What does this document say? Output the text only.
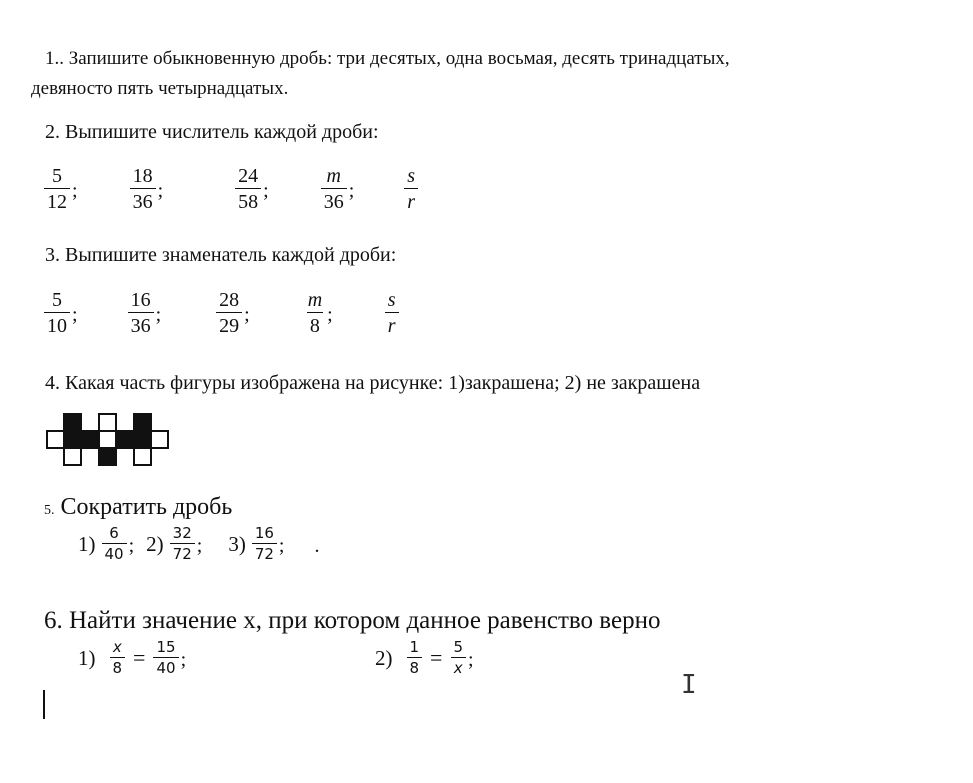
1.. Запишите обыкновенную дробь: три десятых, одна восьмая, десять тринадцатых,
девяносто пять четырнадцатых.
2. Выпишите числитель каждой дроби:
$\frac{5}{12}$ ;	$\frac{18}{36}$ ;	$\frac{24}{58}$ ;	$\frac{m}{36}$ ;	$\frac{s}{r}$
3. Выпишите знаменатель каждой дроби:
$\frac{5}{10}$ ;	$\frac{16}{36}$ ;	$\frac{28}{29}$ ;	$\frac{m}{8}$ ;	$\frac{s}{r}$
4. Какая часть фигуры изображена на рисунке: 1)закрашена; 2) не закрашена
5. Сократить дробь
$1) \frac{6}{40}$ ; $2) \frac{32}{72}$ ; $3) \frac{16}{72}$ ; .
6. Найти значение x, при котором данное равенство верно
$1) \frac{x}{8} = \frac{15}{40}$ ;	$2) \frac{1}{8} = \frac{5}{x}$ ;
I
